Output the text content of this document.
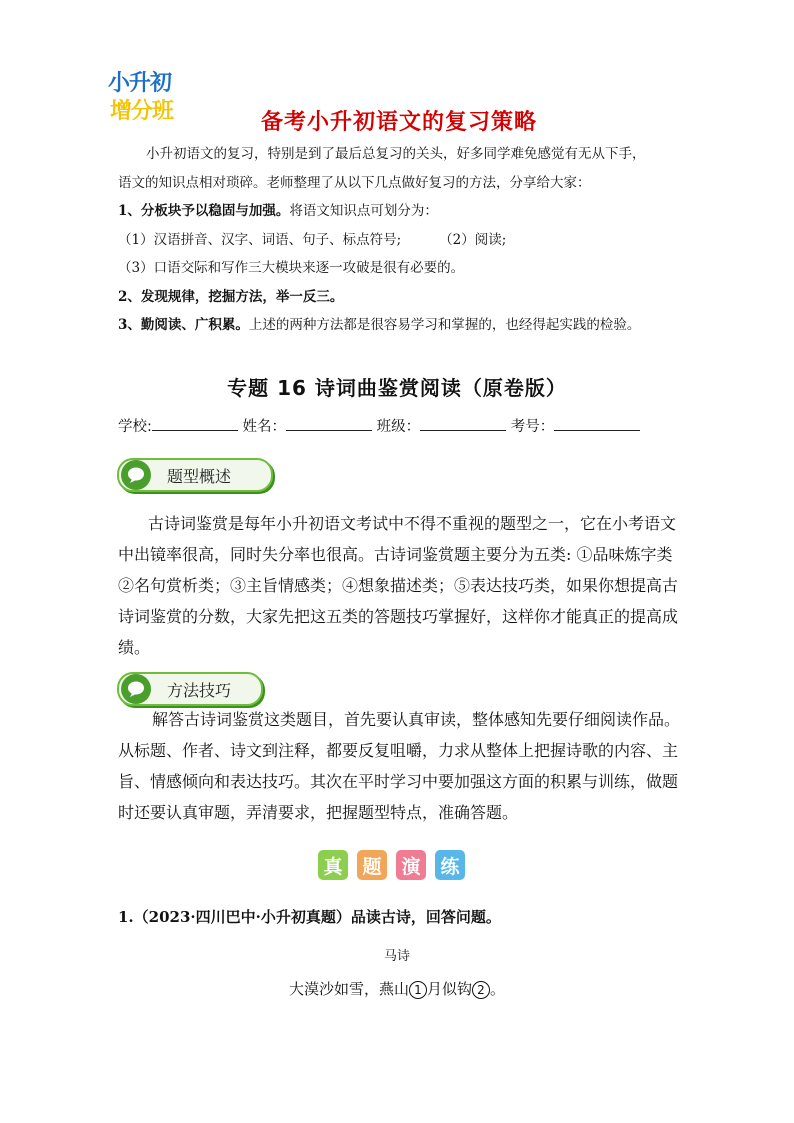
小升初
增分班	备考小升初语文的复习策略

小升初语文的复习，特别是到了最后总复习的关头，好多同学难免感觉有无从下手，

语文的知识点相对琐碎。老师整理了从以下几点做好复习的方法，分享给大家：

1、分板块予以稳固与加强。将语文知识点可划分为：

（1）汉语拼音、汉字、词语、句子、标点符号;	（2）阅读;

（3）口语交际和写作三大模块来逐一攻破是很有必要的。

2、发现规律，挖掘方法，举一反三。

3、勤阅读、广积累。上述的两种方法都是很容易学习和掌握的，也经得起实践的检验。

专题 16 诗词曲鉴赏阅读（原卷版）
学校:	姓名：	班级：	考号：
题型概述

古诗词鉴赏是每年小升初语文考试中不得不重视的题型之一，它在小考语文

中出镜率很高，同时失分率也很高。古诗词鉴赏题主要分为五类: ①品味炼字类

②名句赏析类；③主旨情感类；④想象描述类；⑤表达技巧类，如果你想提高古

诗词鉴赏的分数，大家先把这五类的答题技巧掌握好，这样你才能真正的提高成

绩。

方法技巧

解答古诗词鉴赏这类题目，首先要认真审读，整体感知先要仔细阅读作品。

从标题、作者、诗文到注释，都要反复咀嚼，力求从整体上把握诗歌的内容、主

旨、情感倾向和表达技巧。其次在平时学习中要加强这方面的积累与训练，做题

时还要认真审题，弄清要求，把握题型特点，准确答题。

真 题 演 练
1.（2023·四川巴中·小升初真题）品读古诗，回答问题。
马诗
大漠沙如雪，燕山 1 月似钩 2 。
